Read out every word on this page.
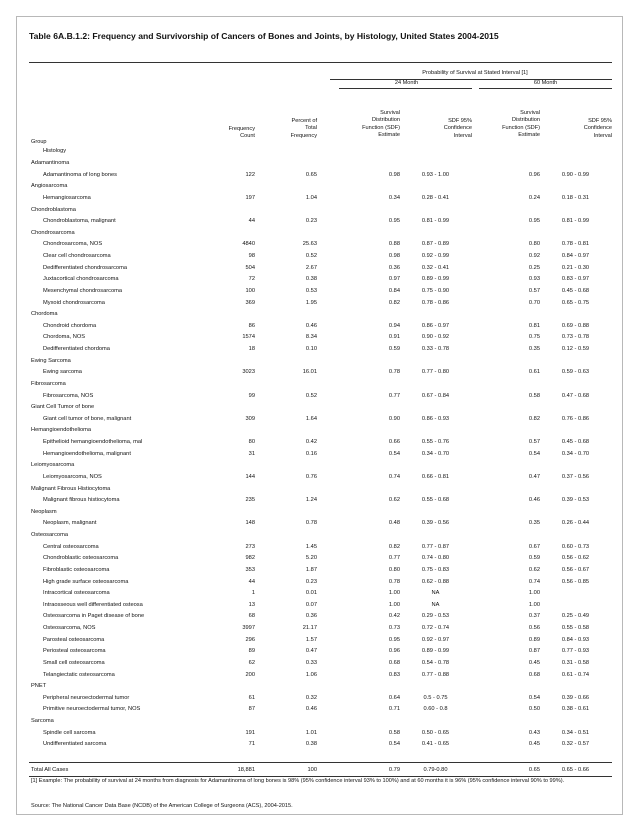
Table 6A.B.1.2: Frequency and Survivorship of Cancers of Bones and Joints, by Histology, United States 2004-2015
Probability of Survival at Stated Interval [1]
24 Month	60 Month
Frequency
Count
Percent of
Total
Frequency
Survival
Distribution
Function (SDF)
Estimate
SDF 95%
Confidence
Interval
Survival
Distribution
Function (SDF)
Estimate
SDF 95%
Confidence
Interval
Group
Histology
Adamantinoma						
Adamantinoma of long bones	122	0.65	0.98	0.93 - 1.00	0.96	0.90 - 0.99
Angiosarcoma						
Hemangiosarcoma	197	1.04	0.34	0.28 - 0.41	0.24	0.18 - 0.31
Chondroblastoma						
Chondroblastoma, malignant	44	0.23	0.95	0.81 - 0.99	0.95	0.81 - 0.99
Chondrosarcoma						
Chondrosarcoma, NOS	4840	25.63	0.88	0.87 - 0.89	0.80	0.78 - 0.81
Clear cell chondrosarcoma	98	0.52	0.98	0.92 - 0.99	0.92	0.84 - 0.97
Dedifferentiated chondrosarcoma	504	2.67	0.36	0.32 - 0.41	0.25	0.21 - 0.30
Juxtacortical chondrosarcoma	72	0.38	0.97	0.89 - 0.99	0.93	0.83 - 0.97
Mesenchymal chondrosarcoma	100	0.53	0.84	0.75 - 0.90	0.57	0.45 - 0.68
Myxoid chondrosarcoma	369	1.95	0.82	0.78 - 0.86	0.70	0.65 - 0.75
Chordoma						
Chondroid chordoma	86	0.46	0.94	0.86 - 0.97	0.81	0.69 - 0.88
Chordoma, NOS	1574	8.34	0.91	0.90 - 0.92	0.75	0.73 - 0.78
Dedifferentiated chordoma	18	0.10	0.59	0.33 - 0.78	0.35	0.12 - 0.59
Ewing Sarcoma						
Ewing sarcoma	3023	16.01	0.78	0.77 - 0.80	0.61	0.59 - 0.63
Fibrosarcoma						
Fibrosarcoma, NOS	99	0.52	0.77	0.67 - 0.84	0.58	0.47 - 0.68
Giant Cell Tumor of bone						
Giant cell tumor of bone, malignant	309	1.64	0.90	0.86 - 0.93	0.82	0.76 - 0.86
Hemangioendothelioma						
Epithelioid hemangioendothelioma, mal	80	0.42	0.66	0.55 - 0.76	0.57	0.45 - 0.68
Hemangioendothelioma, malignant	31	0.16	0.54	0.34 - 0.70	0.54	0.34 - 0.70
Leiomyosarcoma						
Leiomyosarcoma, NOS	144	0.76	0.74	0.66 - 0.81	0.47	0.37 - 0.56
Malignant Fibrous Histiocytoma						
Malignant fibrous histiocytoma	235	1.24	0.62	0.55 - 0.68	0.46	0.39 - 0.53
Neoplasm						
Neoplasm, malignant	148	0.78	0.48	0.39 - 0.56	0.35	0.26 - 0.44
Osteosarcoma						
Central osteosarcoma	273	1.45	0.82	0.77 - 0.87	0.67	0.60 - 0.73
Chondroblastic osteosarcoma	982	5.20	0.77	0.74 - 0.80	0.59	0.56 - 0.62
Fibroblastic osteosarcoma	353	1.87	0.80	0.75 - 0.83	0.62	0.56 - 0.67
High grade surface osteosarcoma	44	0.23	0.78	0.62 - 0.88	0.74	0.56 - 0.85
Intracortical osteosarcoma	1	0.01	1.00	NA	1.00	
Intraosseous well differentiated osteosa	13	0.07	1.00	NA	1.00	
Osteosarcoma in Paget disease of bone	68	0.36	0.42	0.29 - 0.53	0.37	0.25 - 0.49
Osteosarcoma, NOS	3997	21.17	0.73	0.72 - 0.74	0.56	0.55 - 0.58
Parosteal osteosarcoma	296	1.57	0.95	0.92 - 0.97	0.89	0.84 - 0.93
Periosteal osteosarcoma	89	0.47	0.96	0.89 - 0.99	0.87	0.77 - 0.93
Small cell osteosarcoma	62	0.33	0.68	0.54 - 0.78	0.45	0.31 - 0.58
Telangiectatic osteosarcoma	200	1.06	0.83	0.77 - 0.88	0.68	0.61 - 0.74
PNET						
Peripheral neuroectodermal tumor	61	0.32	0.64	0.5 - 0.75	0.54	0.39 - 0.66
Primitive neuroectodermal tumor, NOS	87	0.46	0.71	0.60 - 0.8	0.50	0.38 - 0.61
Sarcoma						
Spindle cell sarcoma	191	1.01	0.58	0.50 - 0.65	0.43	0.34 - 0.51
Undifferentiated sarcoma	71	0.38	0.54	0.41 - 0.65	0.45	0.32 - 0.57
Total All Cases	18,881	100	0.79	0.79-0.80	0.65	0.65 - 0.66
[1] Example: The probability of survival at 24 months from diagnosis for Adamantinoma of long bones is 98% (95% confidence interval 93% to 100%) and at 60 months it is 96% (95% confidence interval 90% to 99%).
Source: The National Cancer Data Base (NCDB) of the American College of Surgeons (ACS), 2004-2015.
